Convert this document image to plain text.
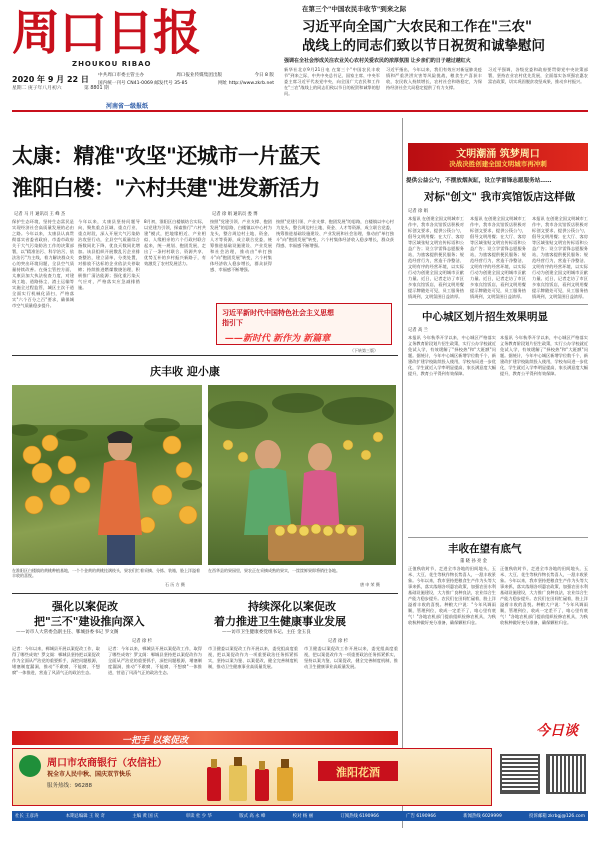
周口日报
ZHOUKOU RIBAO
2020 年 9 月 22 日
星期二 庚子年八月初六	第 8801 期
中共周口市委主管主办	周口报业传媒集团出版	今日 8 版
国内统一刊号 CN41-0069 邮发代号 35-85	网址 http://www.zkrb.net
河南省一级报纸
在第三个"中国农民丰收节"到来之际
习近平向全国广大农民和工作在"三农"
战线上的同志们致以节日祝贺和诚挚慰问
强调在全社会形成关注农业关心农村关爱农民的浓厚氛围 让乡亲们的日子越过越红火
新华社北京9月21日电 在第三个"中国农民丰收节"到来之际，中共中央总书记、国家主席、中央军委主席习近平代表党中央，向全国广大农民和工作在"三农"战线上的同志们致以节日的祝贺和诚挚的慰问。
习近平指出，今年以来，我们有效应对新冠肺炎疫情和严重洪涝灾害等风险挑战，粮食生产喜获丰收，农民收入持续增长，农村社会和谐稳定，为保持经济社会大局稳定提供了有力支撑。
习近平强调，各级党委和政府要贯彻党中央决策部署，坚持农业农村优先发展，全面落实各项强农惠农富农政策，切实巩固脱贫攻坚成果，推动乡村振兴。
太康：精准"攻坚"还城市一片蓝天
淮阳白楼："六村共建"进发新活力
记者 马 月 通讯员 王 峰 杰	记者 徐 娟 通讯员 娄 博
保护生态环境，坚持生态富民是实现经济社会高质量发展的必由之路。今年以来，太康县认真贯彻落实省委省政府、市委市政府关于大气污染防治工作的决策部署，以"精准治污、科学治污、依法治污"为主线，着力解决群众关心的突出环境问题，全县空气质量持续改善。在扬尘管控方面，太康县加大执法检查力度，对建筑工地、道路扬尘、渣土运输等实施全过程监管，城区主次干道全面实行机械化清扫，严格落实"六个百分之百"要求，确保城市空气质量稳步提升。
今年以来，太康县坚持问题导向，聚焦重点区域、重点行业、重点时段，深入开展大气污染防治攻坚行动，全县空气质量综合指数同比下降，优良天数同比增加。该县组织开展散乱污企业排查整治，建立清单，分类处置，对排放不达标的企业依法关停取缔；持续推进燃煤散烧治理，积极推广清洁能源；强化重污染天气应对，严格落实应急减排措施。
8月初，淮阳区白楼镇结合实际，以党建为引领，探索推行"六村共建"模式，把地缘相近、产业相似、人缘相亲的六个行政村联合起来，统一规划、抱团发展，走出了一条村村联合、资源共享、优势互补的乡村振兴新路子，有效激发了农村发展活力。
按照"党建引领、产业支撑、抱团发展"的思路，白楼镇以中心村为龙头，整合周边村土地、资金、人才等资源，成立联合党委，统筹推进基础设施建设、产业发展和社会治理，推动由"单打独斗"向"抱团发展"转变，六个村集体经济收入稳步增长，群众获得感、幸福感不断增强。
按照"党建引领、产业支撑、抱团发展"的思路，白楼镇以中心村为龙头，整合周边村土地、资金、人才等资源，成立联合党委，统筹推进基础设施建设、产业发展和社会治理，推动由"单打独斗"向"抱团发展"转变，六个村集体经济收入稳步增长，群众获得感、幸福感不断增强。
习近平新时代中国特色社会主义思想
指引下
——新时代 新作为 新篇章
（下转第三版）
庆丰收 迎小康
在淮阳区白楼镇的黄桃种植基地，一个个金黄的黄桃挂满枝头，果农们忙着采摘、分拣、装箱，脸上洋溢着丰收的喜悦。
石 历 方 摄
在西华县的果园里，果农正在采摘成熟的果实，一筐筐鲜果即将销往各地。
唐 申 荣 摄
强化以案促改
把"三不"建设推向深入
——访市人大常委会副主任、郸城县委书记 罗文阁
记者 徐 杉
记者：今年以来，郸城县开展以案促改工作，取得了哪些成效？罗文阁：郸城县坚持把以案促改作为全面从严治党的重要抓手，深挖问题根源，堵塞制度漏洞，推动"不敢腐、不能腐、不想腐"一体推进，营造了风清气正的政治生态。
记者：今年以来，郸城县开展以案促改工作，取得了哪些成效？罗文阁：郸城县坚持把以案促改作为全面从严治党的重要抓手，深挖问题根源，堵塞制度漏洞，推动"不敢腐、不能腐、不想腐"一体推进，营造了风清气正的政治生态。
持续深化以案促改
着力推进卫生健康事业发展
——访市卫生健康委党组书记、主任 金玉良
记者 徐 杉
市卫健委以案促改工作开展以来，委党组高度重视，把以案促改作为一项重要政治任务抓紧抓实，坚持以案为鉴、以案促改，健全完善制度机制，推动卫生健康事业高质量发展。
市卫健委以案促改工作开展以来，委党组高度重视，把以案促改作为一项重要政治任务抓紧抓实，坚持以案为鉴、以案促改，健全完善制度机制，推动卫生健康事业高质量发展。
一把手 以案促改
文明潮涌 筑梦周口
决战决胜创建全国文明城市再冲刺
提供公益公勺，不摆放烟灰缸，设立学雷锋志愿服务站……
对标"创文" 我市宾馆饭店这样做
记者 徐 娟
本报讯 在创建全国文明城市工作中，我市各宾馆饭店积极对标创文要求，提供公筷公勺，倡导文明用餐；在大厅、客房等区域张贴文明宣传标语和公益广告；设立学雷锋志愿服务站，为旅客提供便民服务；规范经营行为，营造干净整洁、文明有序的经营环境，以实际行动为创建全国文明城市贡献力量。近日，记者走访了市区多家宾馆饭店，看到文明用餐提示牌随处可见，员工服务热情周到，文明氛围日益浓厚。
本报讯 在创建全国文明城市工作中，我市各宾馆饭店积极对标创文要求，提供公筷公勺，倡导文明用餐；在大厅、客房等区域张贴文明宣传标语和公益广告；设立学雷锋志愿服务站，为旅客提供便民服务；规范经营行为，营造干净整洁、文明有序的经营环境，以实际行动为创建全国文明城市贡献力量。近日，记者走访了市区多家宾馆饭店，看到文明用餐提示牌随处可见，员工服务热情周到，文明氛围日益浓厚。
本报讯 在创建全国文明城市工作中，我市各宾馆饭店积极对标创文要求，提供公筷公勺，倡导文明用餐；在大厅、客房等区域张贴文明宣传标语和公益广告；设立学雷锋志愿服务站，为旅客提供便民服务；规范经营行为，营造干净整洁、文明有序的经营环境，以实际行动为创建全国文明城市贡献力量。近日，记者走访了市区多家宾馆饭店，看到文明用餐提示牌随处可见，员工服务热情周到，文明氛围日益浓厚。
中心城区划片招生效果明显
记者 高 兰
本报讯 今年秋季开学以来，中心城区严格落实义务教育阶段划片招生政策，实行公办学校就近免试入学，有效缓解了"择校热"和"大班额"问题。据统计，今年中心城区新增学位数千个，新建改扩建学校陆续投入使用，学校布局进一步优化，学生就近入学率明显提高，家长满意度大幅提升，教育公平得到有效保障。
本报讯 今年秋季开学以来，中心城区严格落实义务教育阶段划片招生政策，实行公办学校就近免试入学，有效缓解了"择校热"和"大班额"问题。据统计，今年中心城区新增学位数千个，新建改扩建学校陆续投入使用，学校布局进一步优化，学生就近入学率明显提高，家长满意度大幅提升，教育公平得到有效保障。
丰收在望有底气
董 晓 孙 亮 金
正值秋收时节，走进全市各地的田间地头，玉米、大豆、花生等秋作物长势喜人，一派丰收景象。今年以来，我市坚持把粮食生产作为头等大事来抓，落实落细各项惠农政策，加强农田水利基础设施建设，大力推广良种良法，农业综合生产能力稳步提升。农民们在田间忙碌着，脸上洋溢着丰收的喜悦。种粮大户说："今年风调雨顺，管理到位，收成一定差不了，咱心里有底气！"各地农机部门提前组织检修农机具，为秋收秋种做好充分准备，确保颗粒归仓。
正值秋收时节，走进全市各地的田间地头，玉米、大豆、花生等秋作物长势喜人，一派丰收景象。今年以来，我市坚持把粮食生产作为头等大事来抓，落实落细各项惠农政策，加强农田水利基础设施建设，大力推广良种良法，农业综合生产能力稳步提升。农民们在田间忙碌着，脸上洋溢着丰收的喜悦。种粮大户说："今年风调雨顺，管理到位，收成一定差不了，咱心里有底气！"各地农机部门提前组织检修农机具，为秋收秋种做好充分准备，确保颗粒归仓。
今日谈
周口市农商银行（农信社）
祝全市人民中秋、国庆双节快乐
服务热线：96288
淮阳花酒
社长 王彦涛	本期总编辑 王 锐 奇	主编 黄 国 庆	审读 杜 少 华	版式 高 永 峰	校对 杨 丽	订阅热线 6190966	广告 6190966	新闻热线 6029999	投诉邮箱 zkrbgj@126.com
